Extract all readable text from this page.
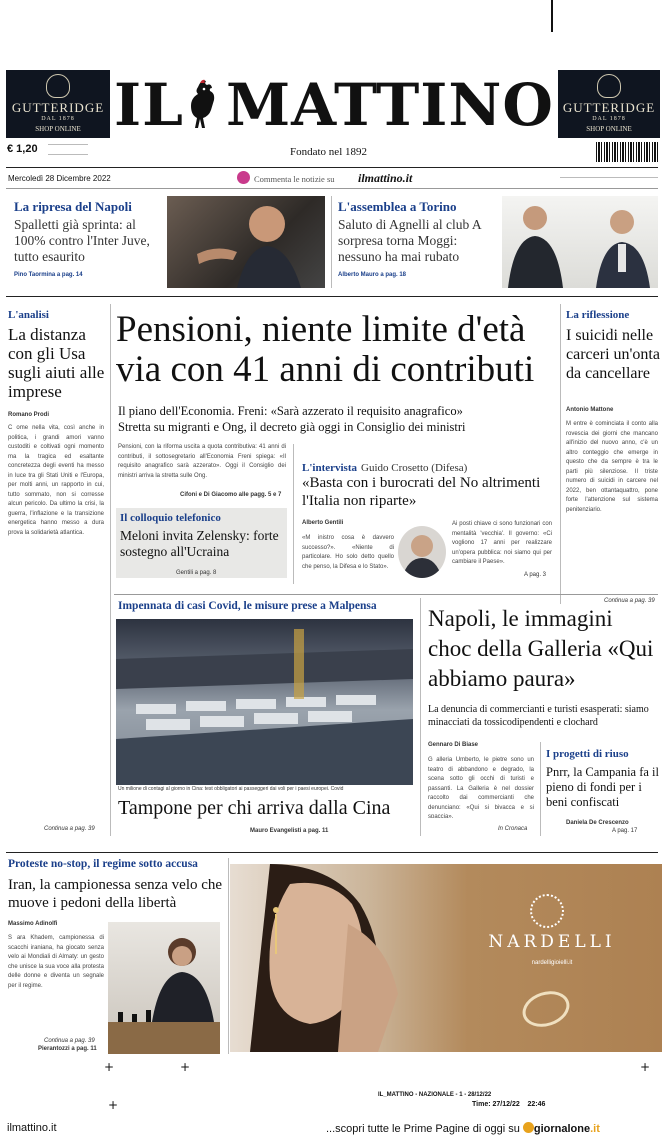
GUTTERIDGE
DAL 1878
SHOP ONLINE
GUTTERIDGE
DAL 1878
SHOP ONLINE
IL MATTINO
€ 1,20	Fondato nel 1892
Mercoledì 28 Dicembre 2022	Commenta le notizie su ilmattino.it
La ripresa del Napoli
Spalletti già sprinta: al 100% contro l'Inter Juve, tutto esaurito
Pino Taormina a pag. 14
L'assemblea a Torino
Saluto di Agnelli al club A sorpresa torna Moggi: nessuno ha mai rubato
Alberto Mauro a pag. 18
L'analisi
La distanza con gli Usa sugli aiuti alle imprese
Romano Prodi
C ome nella vita, così anche in politica, i grandi amori vanno custoditi e coltivati ogni momento ma la tragica ed esaltante concretezza degli eventi ha messo in luce tra gli Stati Uniti e l'Europa, per molti anni, un rapporto in cui, tutto sommato, non si corresse alcun pericolo. Da ultimo la crisi, la guerra, l'inflazione e la transizione energetica hanno messo a dura prova la solidarietà atlantica.
Continua a pag. 39
Pensioni, niente limite d'età via con 41 anni di contributi
Il piano dell'Economia. Freni: «Sarà azzerato il requisito anagrafico»
Stretta su migranti e Ong, il decreto già oggi in Consiglio dei ministri
Pensioni, con la riforma uscita a quota contributiva: 41 anni di contributi, il sottosegretario all'Economia Freni spiega: «Il requisito anagrafico sarà azzerato». Oggi il Consiglio dei ministri arriva la stretta sulle Ong.
Cifoni e Di Giacomo alle pagg. 5 e 7
Il colloquio telefonico
Meloni invita Zelensky: forte sostegno all'Ucraina
Gentili a pag. 8
L'intervista Guido Crosetto (Difesa)
«Basta con i burocrati del No altrimenti l'Italia non riparte»
Alberto Gentili
«M inistro cosa è davvero successo?». «Niente di particolare. Ho solo detto quello che penso, la Difesa e lo Stato».
Ai posti chiave ci sono funzionari con mentalità 'vecchia'. Il governo: «Ci vogliono 17 anni per realizzare un'opera pubblica: noi siamo qui per cambiare il Paese».
A pag. 3
La riflessione
I suicidi nelle carceri un'onta da cancellare
Antonio Mattone
M entre è cominciata il conto alla rovescia dei giorni che mancano all'inizio del nuovo anno, c'è un altro conteggio che emerge in questo che da sempre è tra le parti più silenziose. Il triste numero di suicidi in carcere nel 2022, ben ottantaquattro, pone forte l'attenzione sul sistema penitenziario.
Continua a pag. 39
Impennata di casi Covid, le misure prese a Malpensa
Un milione di contagi al giorno in Cina: test obbligatori ai passeggeri dai voli per i paesi europei. Covid
Tampone per chi arriva dalla Cina
Mauro Evangelisti a pag. 11
Napoli, le immagini choc della Galleria «Qui abbiamo paura»
La denuncia di commercianti e turisti esasperati: siamo minacciati da tossicodipendenti e clochard
Gennaro Di Biase
G alleria Umberto, le pietre sono un teatro di abbandono e degrado, la scena sotto gli occhi di turisti e passanti. La Galleria è nel dossier raccolto dai commercianti che denunciano: «Qui si bivacca e si spaccia».
In Cronaca
I progetti di riuso
Pnrr, la Campania fa il pieno di fondi per i beni confiscati
Daniela De Crescenzo
A pag. 17
Proteste no-stop, il regime sotto accusa
Iran, la campionessa senza velo che muove i pedoni della libertà
Massimo Adinolfi
S ara Khadem, campionessa di scacchi iraniana, ha giocato senza velo ai Mondiali di Almaty: un gesto che unisce la sua voce alla protesta delle donne e diventa un segnale per il regime.
Continua a pag. 39
Pierantozzi a pag. 11
NARDELLI
nardelligioielli.it
+	+
+
+
IL_MATTINO - NAZIONALE - 1 - 28/12/22
Time: 27/12/22    22:46
ilmattino.it	...scopri tutte le Prime Pagine di oggi su giornalone.it
